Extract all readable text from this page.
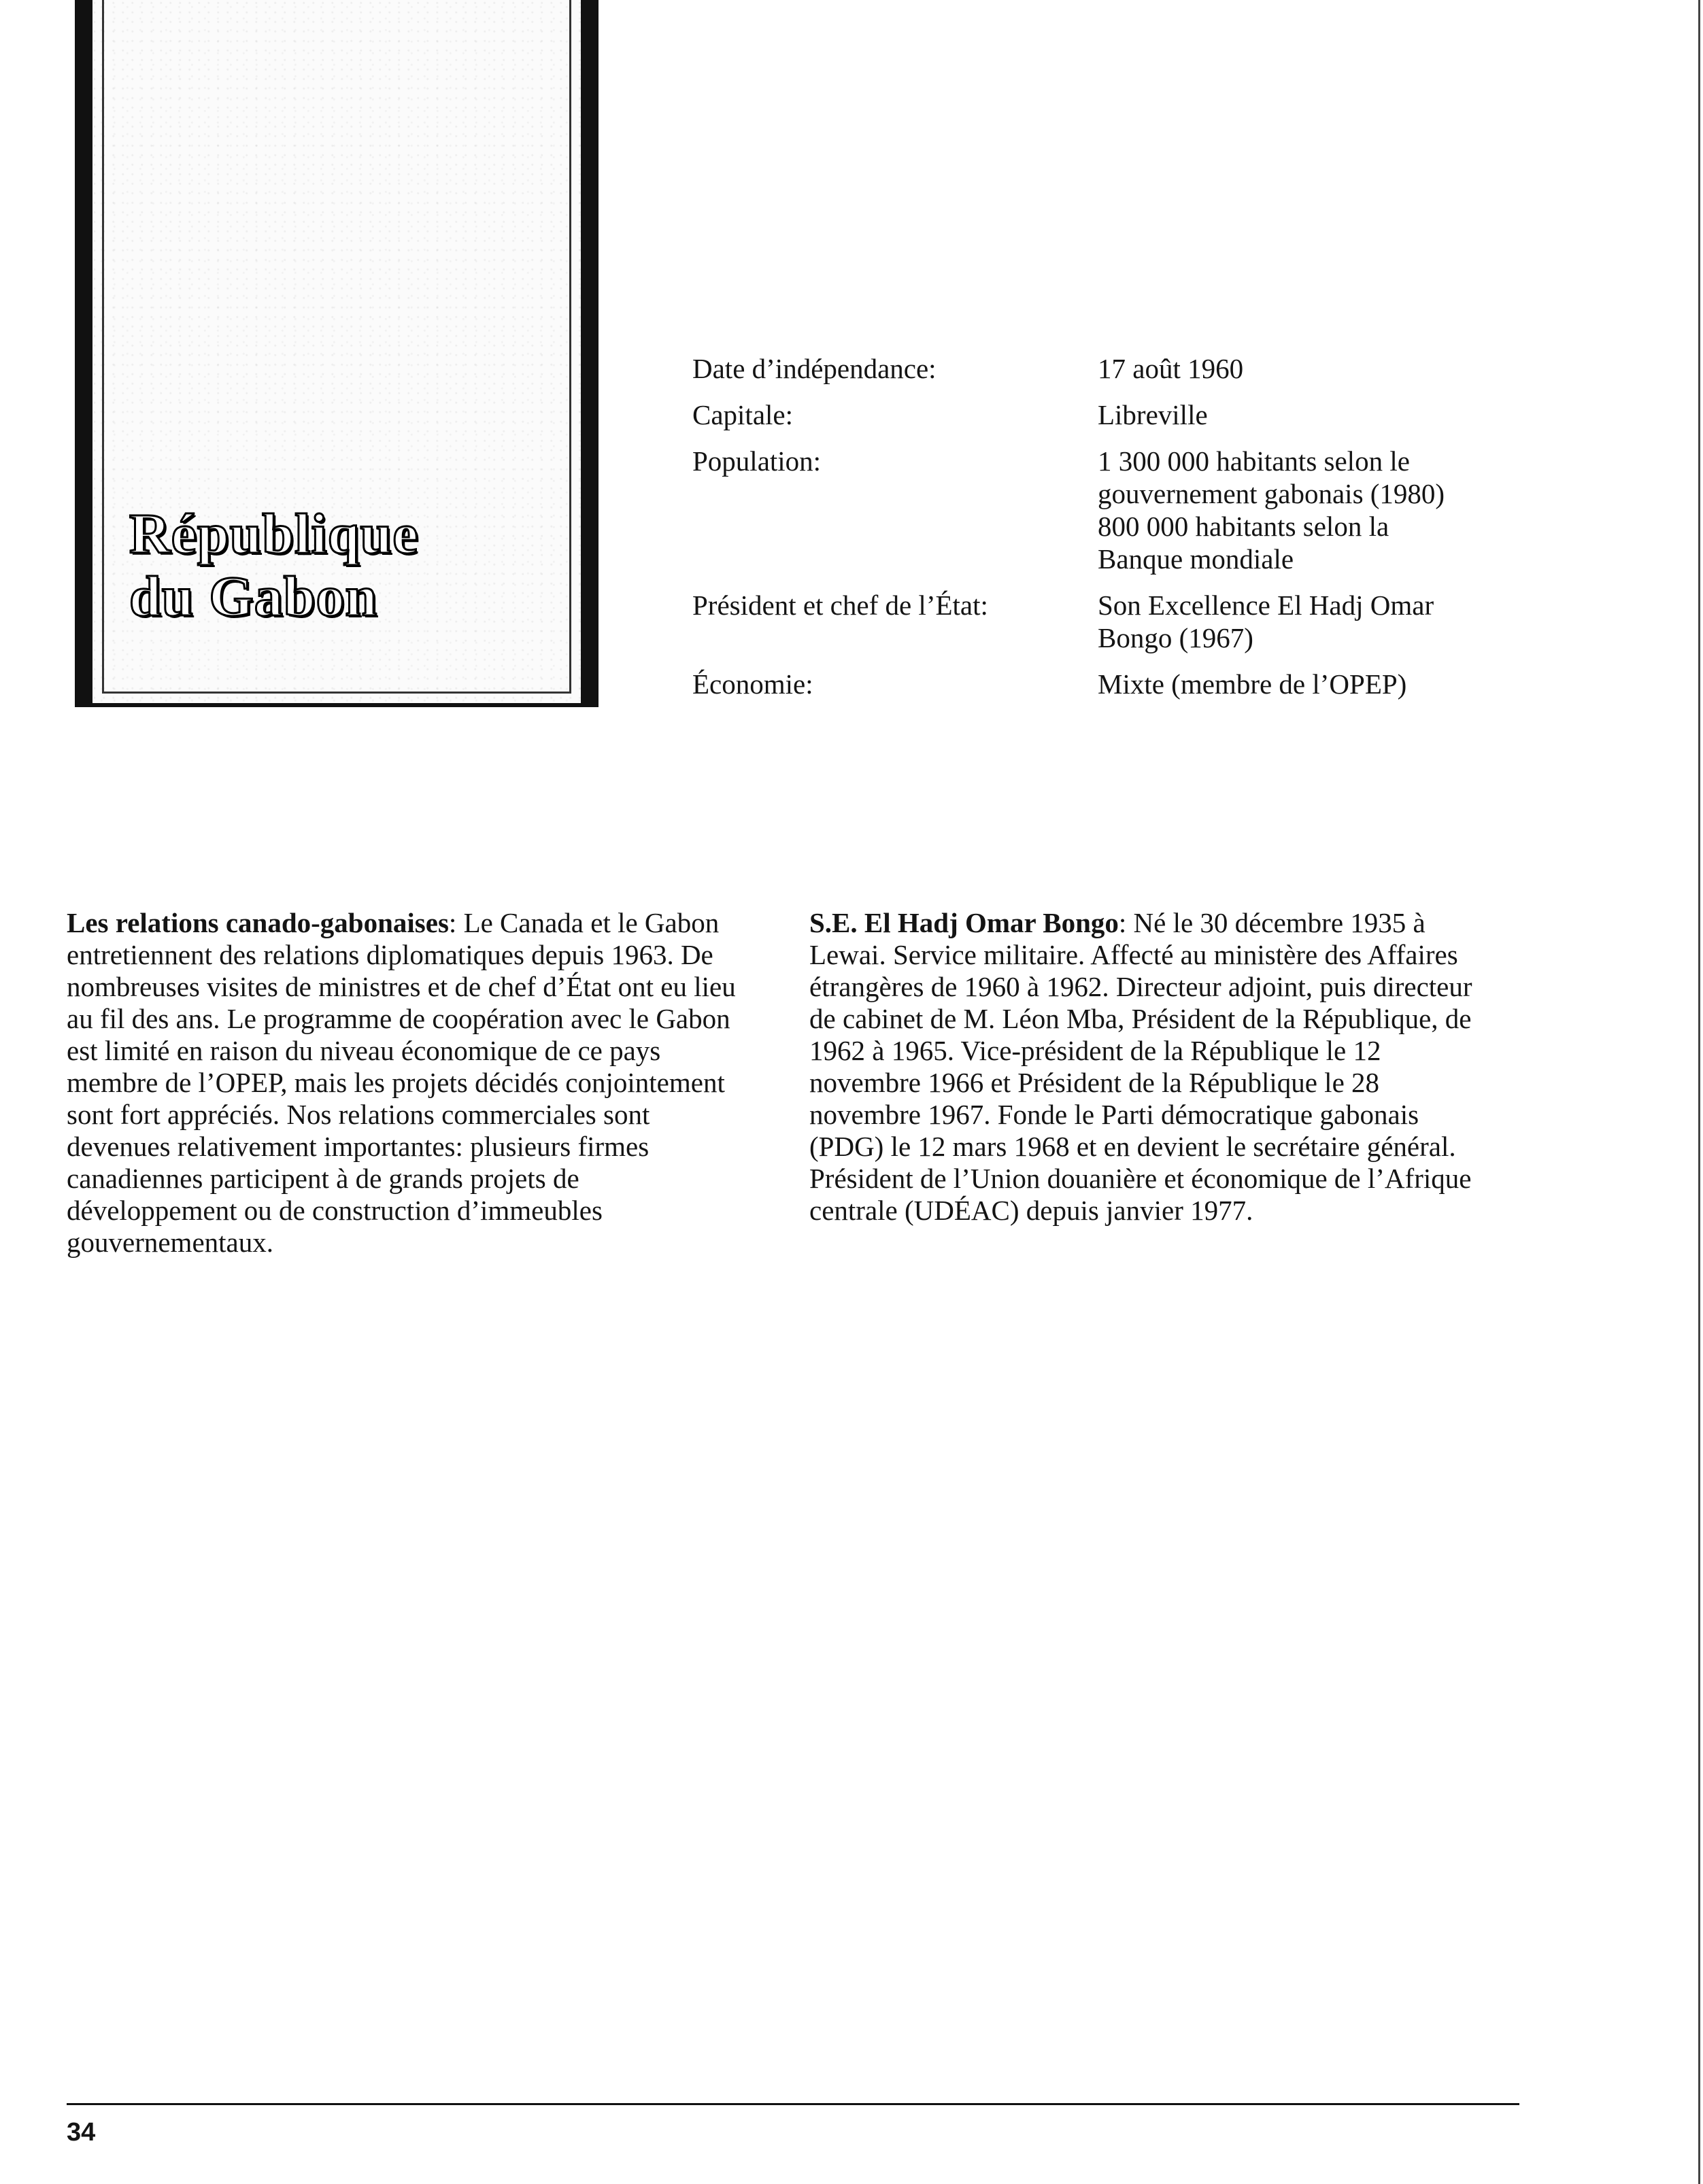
République
du Gabon
Date d’indépendance:	17 août 1960
Capitale:	Libreville
Population:	1 300 000 habitants selon le
gouvernement gabonais (1980)
800 000 habitants selon la
Banque mondiale
Président et chef de l’État:	Son Excellence El Hadj Omar
Bongo (1967)
Économie:	Mixte (membre de l’OPEP)

Les relations canado-gabonaises: Le Canada et le Gabon entretiennent des relations diplomatiques depuis 1963. De nombreuses visites de ministres et de chef d’État ont eu lieu au fil des ans. Le programme de coopération avec le Gabon est limité en raison du niveau économique de ce pays membre de l’OPEP, mais les projets décidés conjointement sont fort appréciés. Nos relations commerciales sont devenues relativement importantes: plusieurs firmes canadiennes participent à de grands projets de développement ou de construction d’immeubles gouvernementaux.

S.E. El Hadj Omar Bongo: Né le 30 décembre 1935 à Lewai. Service militaire. Affecté au ministère des Affaires étrangères de 1960 à 1962. Directeur adjoint, puis directeur de cabinet de M. Léon Mba, Président de la République, de 1962 à 1965. Vice-président de la République le 12 novembre 1966 et Président de la République le 28 novembre 1967. Fonde le Parti démocratique gabonais (PDG) le 12 mars 1968 et en devient le secrétaire général. Président de l’Union douanière et économique de l’Afrique centrale (UDÉAC) depuis janvier 1977.

34
